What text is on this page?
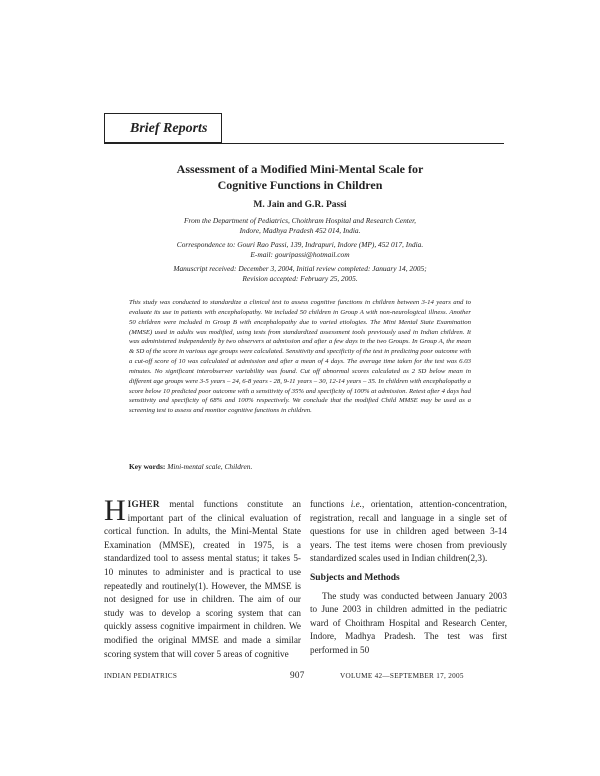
Brief Reports
Assessment of a Modified Mini-Mental Scale for
Cognitive Functions in Children
M. Jain and G.R. Passi
From the Department of Pediatrics, Choithram Hospital and Research Center,
Indore, Madhya Pradesh 452 014, India.
Correspondence to: Gouri Rao Passi, 139, Indrapuri, Indore (MP), 452 017, India.
E-mail: gouripassi@hotmail.com
Manuscript received: December 3, 2004, Initial review completed: January 14, 2005;
Revision accepted: February 25, 2005.
This study was conducted to standardize a clinical test to assess cognitive functions in children between 3-14 years and to evaluate its use in patients with encephalopathy. We included 50 children in Group A with non-neurological illness. Another 50 children were included in Group B with encephalopathy due to varied etiologies. The Mini Mental State Examination (MMSE) used in adults was modified, using tests from standardized assessment tools previously used in Indian children. It was administered independently by two observers at admission and after a few days in the two Groups. In Group A, the mean & SD of the score in various age groups were calculated. Sensitivity and specificity of the test in predicting poor outcome with a cut-off score of 10 was calculated at admission and after a mean of 4 days. The average time taken for the test was 6.03 minutes. No significant interobserver variability was found. Cut off abnormal scores calculated as 2 SD below mean in different age groups were 3-5 years – 24, 6-8 years - 28, 9-11 years – 30, 12-14 years – 35. In children with encephalopathy a score below 10 predicted poor outcome with a sensitivity of 35% and specificity of 100% at admission. Retest after 4 days had sensitivity and specificity of 68% and 100% respectively. We conclude that the modified Child MMSE may be used as a screening test to assess and monitor cognitive functions in children.
Key words: Mini-mental scale, Children.

HIGHER mental functions constitute an important part of the clinical evaluation of cortical function. In adults, the Mini-Mental State Examination (MMSE), created in 1975, is a standardized tool to assess mental status; it takes 5-10 minutes to administer and is practical to use repeatedly and routinely(1). However, the MMSE is not designed for use in children. The aim of our study was to develop a scoring system that can quickly assess cognitive impairment in children. We modified the original MMSE and made a similar scoring system that will cover 5 areas of cognitive

functions i.e., orientation, attention-concentration, registration, recall and language in a single set of questions for use in children aged between 3-14 years. The test items were chosen from previously standardized scales used in Indian children(2,3).

Subjects and Methods

The study was conducted between January 2003 to June 2003 in children admitted in the pediatric ward of Choithram Hospital and Research Center, Indore, Madhya Pradesh. The test was first performed in 50

INDIAN PEDIATRICS	907	VOLUME 42—SEPTEMBER 17, 2005
